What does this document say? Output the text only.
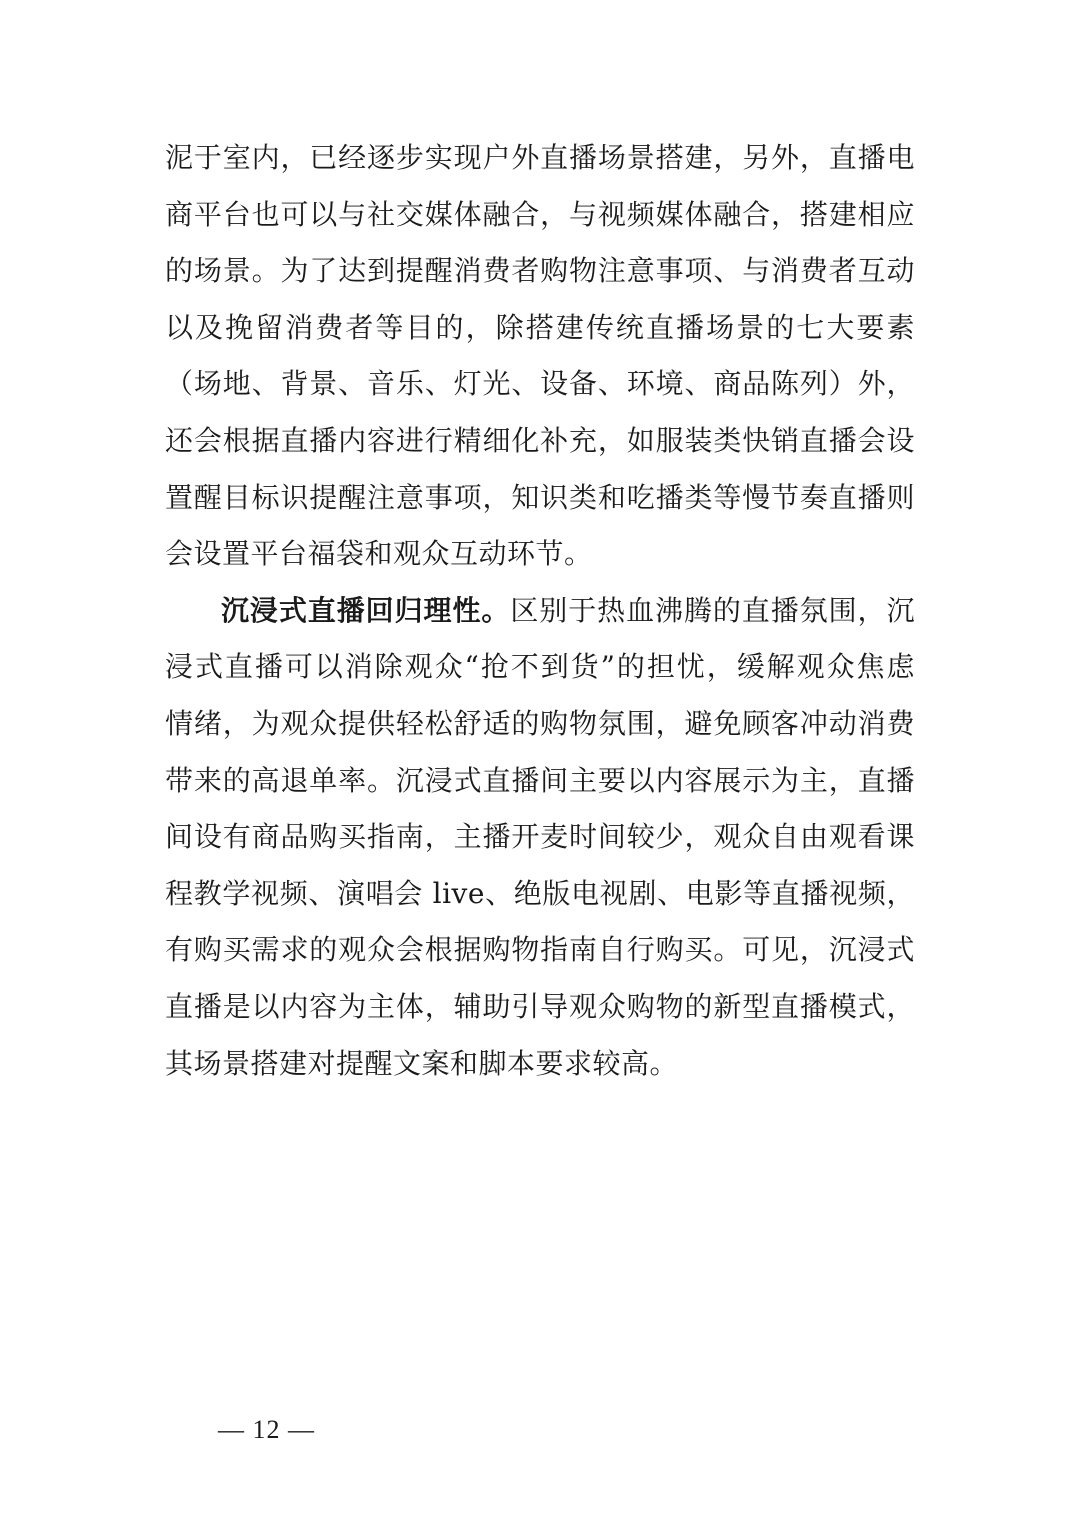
泥于室内，已经逐步实现户外直播场景搭建，另外，直播电
商平台也可以与社交媒体融合，与视频媒体融合，搭建相应
的场景。为了达到提醒消费者购物注意事项、与消费者互动
以及挽留消费者等目的，除搭建传统直播场景的七大要素
（场地、背景、音乐、灯光、设备、环境、商品陈列）外，
还会根据直播内容进行精细化补充，如服装类快销直播会设
置醒目标识提醒注意事项，知识类和吃播类等慢节奏直播则
会设置平台福袋和观众互动环节。
沉浸式直播回归理性。区别于热血沸腾的直播氛围，沉
浸式直播可以消除观众“抢不到货”的担忧，缓解观众焦虑
情绪，为观众提供轻松舒适的购物氛围，避免顾客冲动消费
带来的高退单率。沉浸式直播间主要以内容展示为主，直播
间设有商品购买指南，主播开麦时间较少，观众自由观看课
程教学视频、演唱会 live、绝版电视剧、电影等直播视频，
有购买需求的观众会根据购物指南自行购买。可见，沉浸式
直播是以内容为主体，辅助引导观众购物的新型直播模式，
其场景搭建对提醒文案和脚本要求较高。
— 12 —
